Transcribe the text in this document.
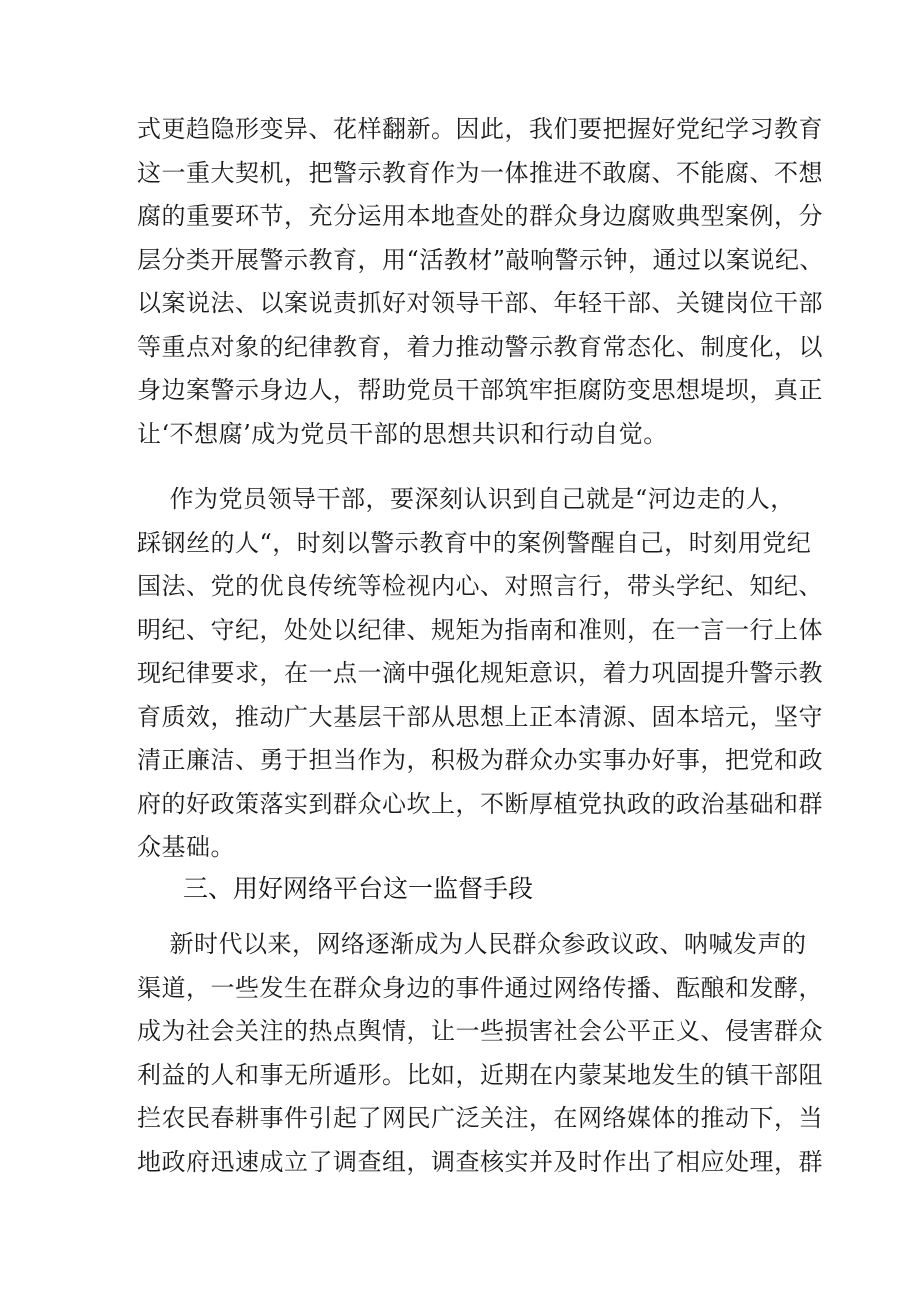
式更趋隐形变异、花样翻新。因此，我们要把握好党纪学习教育
这一重大契机，把警示教育作为一体推进不敢腐、不能腐、不想
腐的重要环节，充分运用本地查处的群众身边腐败典型案例，分
层分类开展警示教育，用“活教材”敲响警示钟，通过以案说纪、
以案说法、以案说责抓好对领导干部、年轻干部、关键岗位干部
等重点对象的纪律教育，着力推动警示教育常态化、制度化，以
身边案警示身边人，帮助党员干部筑牢拒腐防变思想堤坝，真正
让‘不想腐’成为党员干部的思想共识和行动自觉。

作为党员领导干部，要深刻认识到自己就是“河边走的人，
踩钢丝的人“，时刻以警示教育中的案例警醒自己，时刻用党纪
国法、党的优良传统等检视内心、对照言行，带头学纪、知纪、
明纪、守纪，处处以纪律、规矩为指南和准则，在一言一行上体
现纪律要求，在一点一滴中强化规矩意识，着力巩固提升警示教
育质效，推动广大基层干部从思想上正本清源、固本培元，坚守
清正廉洁、勇于担当作为，积极为群众办实事办好事，把党和政
府的好政策落实到群众心坎上，不断厚植党执政的政治基础和群
众基础。

三、用好网络平台这一监督手段

新时代以来，网络逐渐成为人民群众参政议政、呐喊发声的
渠道，一些发生在群众身边的事件通过网络传播、酝酿和发酵，
成为社会关注的热点舆情，让一些损害社会公平正义、侵害群众
利益的人和事无所遁形。比如，近期在内蒙某地发生的镇干部阻
拦农民春耕事件引起了网民广泛关注，在网络媒体的推动下，当
地政府迅速成立了调查组，调查核实并及时作出了相应处理，群
